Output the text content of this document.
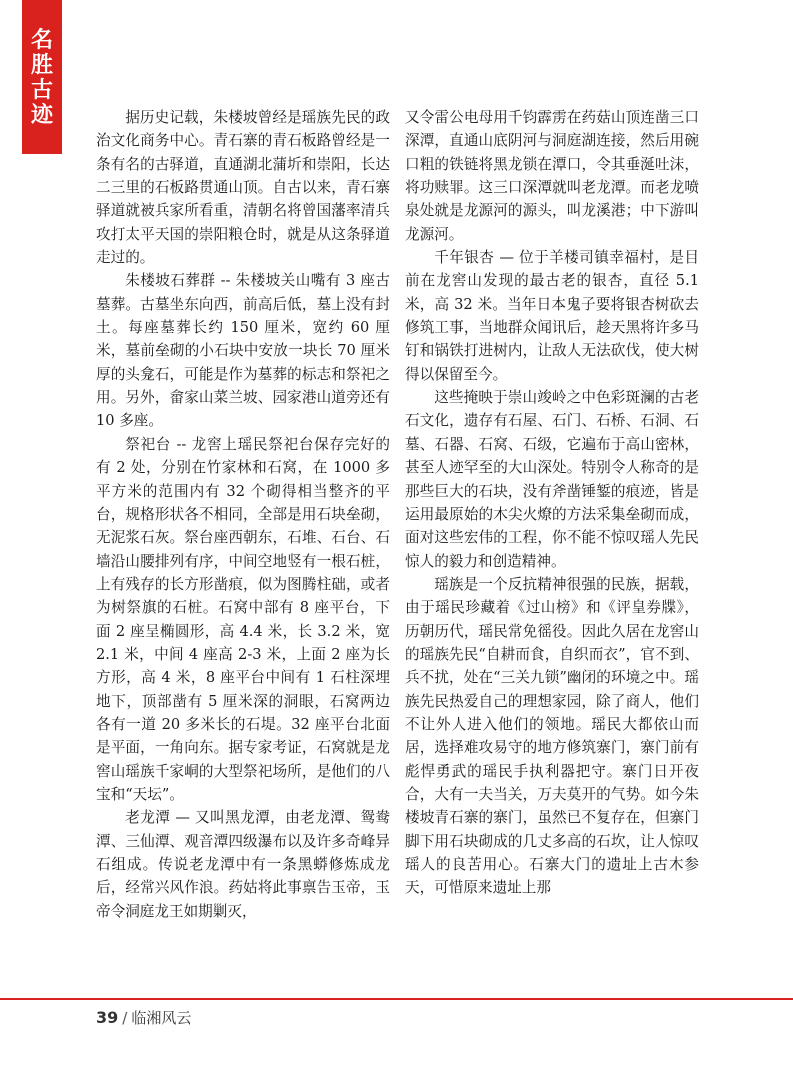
名
胜
古
迹	据历史记载，朱楼坡曾经是瑶族先民的政治文化商务中心。青石寨的青石板路曾经是一条有名的古驿道，直通湖北蒲圻和崇阳，长达二三里的石板路贯通山顶。自古以来，青石寨驿道就被兵家所看重，清朝名将曾国藩率清兵攻打太平天国的崇阳粮仓时，就是从这条驿道走过的。

朱楼坡石葬群 -- 朱楼坡关山嘴有 3 座古墓葬。古墓坐东向西，前高后低，墓上没有封土。每座墓葬长约 150 厘米，宽约 60 厘米，墓前垒砌的小石块中安放一块长 70 厘米厚的头龛石，可能是作为墓葬的标志和祭祀之用。另外，畲家山菜兰坡、园家港山道旁还有 10 多座。

祭祀台 -- 龙窖上瑶民祭祀台保存完好的有 2 处，分别在竹家林和石窝，在 1000 多平方米的范围内有 32 个砌得相当整齐的平台，规格形状各不相同，全部是用石块垒砌，无泥浆石灰。祭台座西朝东，石堆、石台、石墙沿山腰排列有序，中间空地竖有一根石桩，上有残存的长方形凿痕，似为图腾柱础，或者为树祭旗的石桩。石窝中部有 8 座平台，下面 2 座呈椭圆形，高 4.4 米，长 3.2 米，宽 2.1 米，中间 4 座高 2-3 米，上面 2 座为长方形，高 4 米，8 座平台中间有 1 石柱深埋地下，顶部凿有 5 厘米深的洞眼，石窝两边各有一道 20 多米长的石堤。32 座平台北面是平面，一角向东。据专家考证，石窝就是龙窖山瑶族千家峒的大型祭祀场所，是他们的八宝和“天坛”。

老龙潭 — 又叫黑龙潭，由老龙潭、鸳鸯潭、三仙潭、观音潭四级瀑布以及许多奇峰异石组成。传说老龙潭中有一条黑蟒修炼成龙后，经常兴风作浪。药姑将此事禀告玉帝，玉帝令洞庭龙王如期剿灭，

又令雷公电母用千钧霹雳在药菇山顶连凿三口深潭，直通山底阴河与洞庭湖连接，然后用碗口粗的铁链将黑龙锁在潭口，令其垂涎吐沫，将功赎罪。这三口深潭就叫老龙潭。而老龙喷泉处就是龙源河的源头，叫龙溪港；中下游叫龙源河。

千年银杏 — 位于羊楼司镇幸福村，是目前在龙窖山发现的最古老的银杏，直径 5.1 米，高 32 米。当年日本鬼子要将银杏树砍去修筑工事，当地群众闻讯后，趁天黑将许多马钉和锅铁打进树内，让敌人无法砍伐，使大树得以保留至今。

这些掩映于崇山竣岭之中色彩斑澜的古老石文化，遗存有石屋、石门、石桥、石洞、石墓、石器、石窝、石级，它遍布于高山密林，甚至人迹罕至的大山深处。特别令人称奇的是那些巨大的石块，没有斧凿锤錾的痕迹，皆是运用最原始的木尖火燎的方法采集垒砌而成，面对这些宏伟的工程，你不能不惊叹瑶人先民惊人的毅力和创造精神。

瑶族是一个反抗精神很强的民族，据载，由于瑶民珍藏着《过山榜》和《评皇券牒》，历朝历代，瑶民常免徭役。因此久居在龙窖山的瑶族先民“自耕而食，自织而衣”，官不到、兵不扰，处在“三关九锁”幽闭的环境之中。瑶族先民热爱自己的理想家园，除了商人，他们不让外人进入他们的领地。瑶民大都依山而居，选择难攻易守的地方修筑寨门，寨门前有彪悍勇武的瑶民手执利器把守。寨门日开夜合，大有一夫当关，万夫莫开的气势。如今朱楼坡青石寨的寨门，虽然已不复存在，但寨门脚下用石块砌成的几丈多高的石坎，让人惊叹瑶人的良苦用心。石寨大门的遗址上古木参天，可惜原来遗址上那

39 / 临湘风云
